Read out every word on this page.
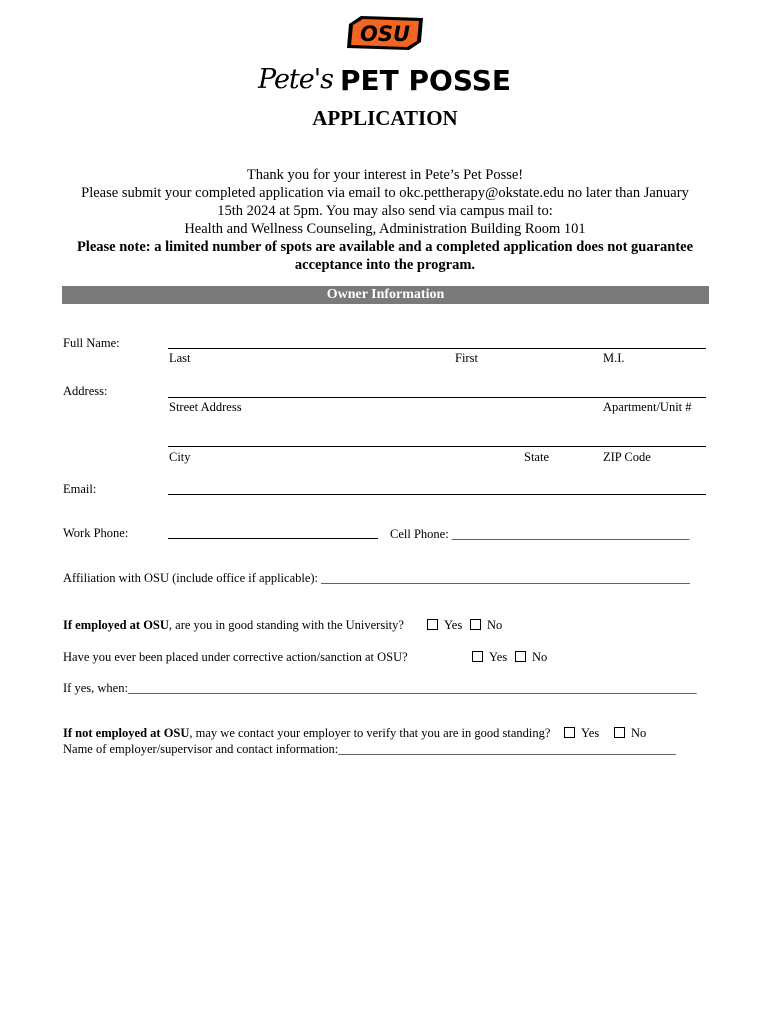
OSU
Pete's PET POSSE
APPLICATION
Thank you for your interest in Pete’s Pet Posse!
Please submit your completed application via email to okc.pettherapy@okstate.edu no later than January
15th 2024 at 5pm. You may also send via campus mail to:
Health and Wellness Counseling, Administration Building Room 101
Please note: a limited number of spots are available and a completed application does not guarantee
acceptance into the program.
Owner Information
Full Name:
Last	First	M.I.
Address:
Street Address	Apartment/Unit #
City	State	ZIP Code
Email:
Work Phone:	Cell Phone: ______________________________________
Affiliation with OSU (include office if applicable): ___________________________________________________________
If employed at OSU, are you in good standing with the University?	Yes	No
Have you ever been placed under corrective action/sanction at OSU?	Yes	No
If yes, when:___________________________________________________________________________________________
If not employed at OSU, may we contact your employer to verify that you are in good standing?	Yes	No
Name of employer/supervisor and contact information:______________________________________________________
